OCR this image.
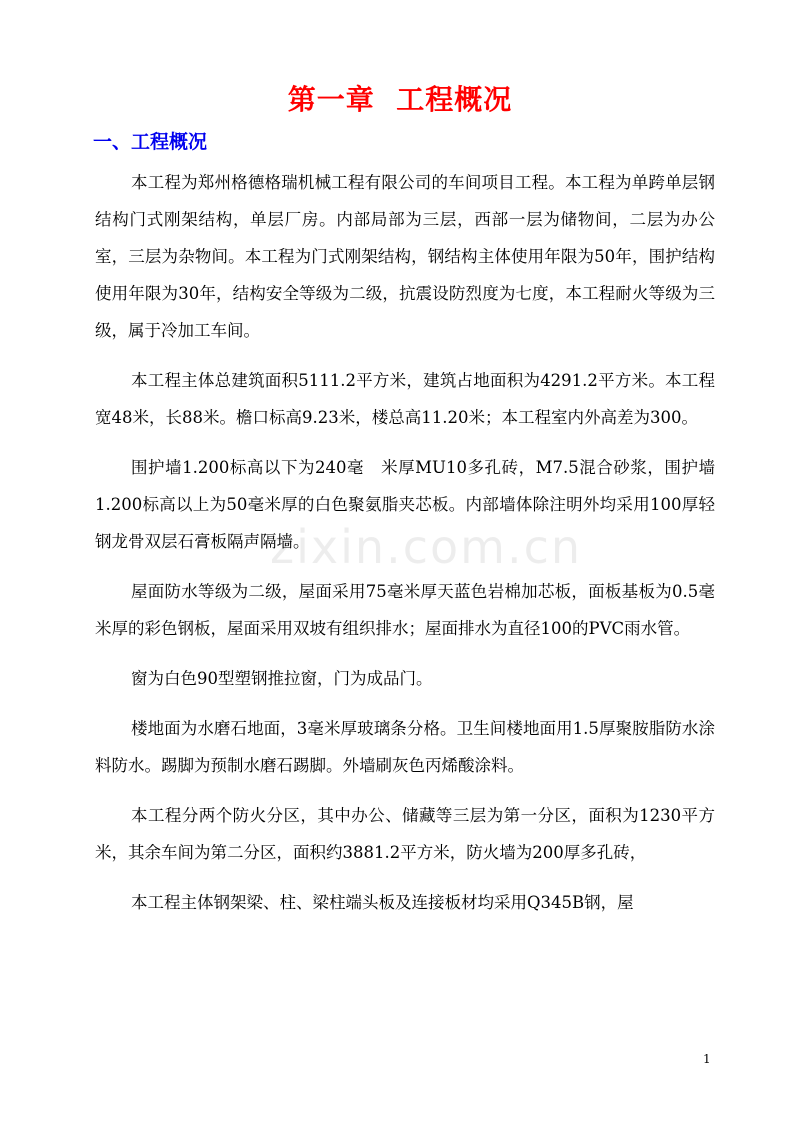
第一章  工程概况
一、工程概况

本工程为郑州格德格瑞机械工程有限公司的车间项目工程。本工程为单跨单层钢结构门式刚架结构，单层厂房。内部局部为三层，西部一层为储物间，二层为办公室，三层为杂物间。本工程为门式刚架结构，钢结构主体使用年限为50年，围护结构使用年限为30年，结构安全等级为二级，抗震设防烈度为七度，本工程耐火等级为三级，属于冷加工车间。

本工程主体总建筑面积5111.2平方米，建筑占地面积为4291.2平方米。本工程宽48米，长88米。檐口标高9.23米，楼总高11.20米；本工程室内外高差为300。

围护墙1.200标高以下为240毫　米厚MU10多孔砖，M7.5混合砂浆，围护墙1.200标高以上为50毫米厚的白色聚氨脂夹芯板。内部墙体除注明外均采用100厚轻钢龙骨双层石膏板隔声隔墙。

屋面防水等级为二级，屋面采用75毫米厚天蓝色岩棉加芯板，面板基板为0.5毫米厚的彩色钢板，屋面采用双坡有组织排水；屋面排水为直径100的PVC雨水管。

窗为白色90型塑钢推拉窗，门为成品门。

楼地面为水磨石地面，3毫米厚玻璃条分格。卫生间楼地面用1.5厚聚胺脂防水涂料防水。踢脚为预制水磨石踢脚。外墙刷灰色丙烯酸涂料。

本工程分两个防火分区，其中办公、储藏等三层为第一分区，面积为1230平方米，其余车间为第二分区，面积约3881.2平方米，防火墙为200厚多孔砖，

本工程主体钢架梁、柱、梁柱端头板及连接板材均采用Q345B钢，屋

zixin.com.cn
1
